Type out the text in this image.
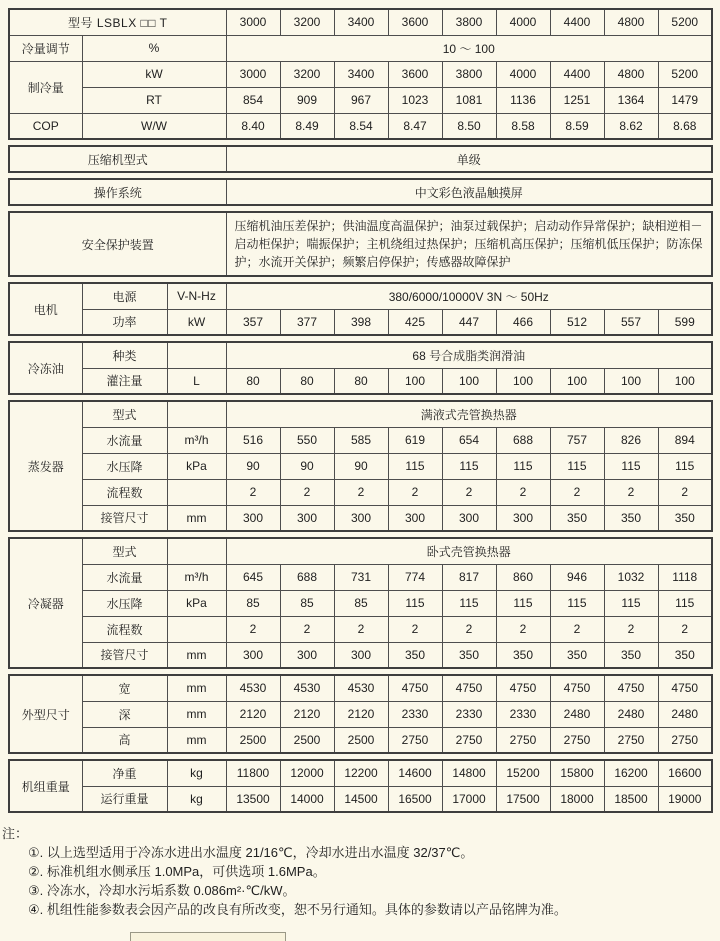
型号 LSBLX □□ T		3000	3200	3400	3600	3800	4000	4400	4800	5200
冷量调节	%	10 ～ 100								
制冷量	kW	3000	3200	3400	3600	3800	4000	4400	4800	5200
	RT	854	909	967	1023	1081	1136	1251	1364	1479
COP	W/W	8.40	8.49	8.54	8.47	8.50	8.58	8.59	8.62	8.68
压缩机型式	单级
操作系统	中文彩色液晶触摸屏
安全保护装置	压缩机油压差保护；供油温度高温保护；油泵过载保护；启动动作异常保护；缺相逆相－启动柜保护；喘振保护；主机绕组过热保护；压缩机高压保护；压缩机低压保护；防冻保护；水流开关保护；频繁启停保护；传感器故障保护
电机	电源	V-N-Hz	380/6000/10000V 3N ～ 50Hz								
	功率	kW	357	377	398	425	447	466	512	557	599
冷冻油	种类		68 号合成脂类润滑油								
	灌注量	L	80	80	80	100	100	100	100	100	100
蒸发器	型式		满液式壳管换热器								
	水流量	m³/h	516	550	585	619	654	688	757	826	894
	水压降	kPa	90	90	90	115	115	115	115	115	115
	流程数		2	2	2	2	2	2	2	2	2
	接管尺寸	mm	300	300	300	300	300	300	350	350	350
冷凝器	型式		卧式壳管换热器								
	水流量	m³/h	645	688	731	774	817	860	946	1032	1118
	水压降	kPa	85	85	85	115	115	115	115	115	115
	流程数		2	2	2	2	2	2	2	2	2
	接管尺寸	mm	300	300	300	350	350	350	350	350	350
外型尺寸	宽	mm	4530	4530	4530	4750	4750	4750	4750	4750	4750
	深	mm	2120	2120	2120	2330	2330	2330	2480	2480	2480
	高	mm	2500	2500	2500	2750	2750	2750	2750	2750	2750
机组重量	净重	kg	11800	12000	12200	14600	14800	15200	15800	16200	16600
	运行重量	kg	13500	14000	14500	16500	17000	17500	18000	18500	19000
注：
①. 以上选型适用于冷冻水进出水温度 21/16℃，冷却水进出水温度 32/37℃。
②. 标准机组水侧承压 1.0MPa，可供选项 1.6MPa。
③. 冷冻水，冷却水污垢系数 0.086m²·℃/kW。
④. 机组性能参数表会因产品的改良有所改变，恕不另行通知。具体的参数请以产品铭牌为准。
